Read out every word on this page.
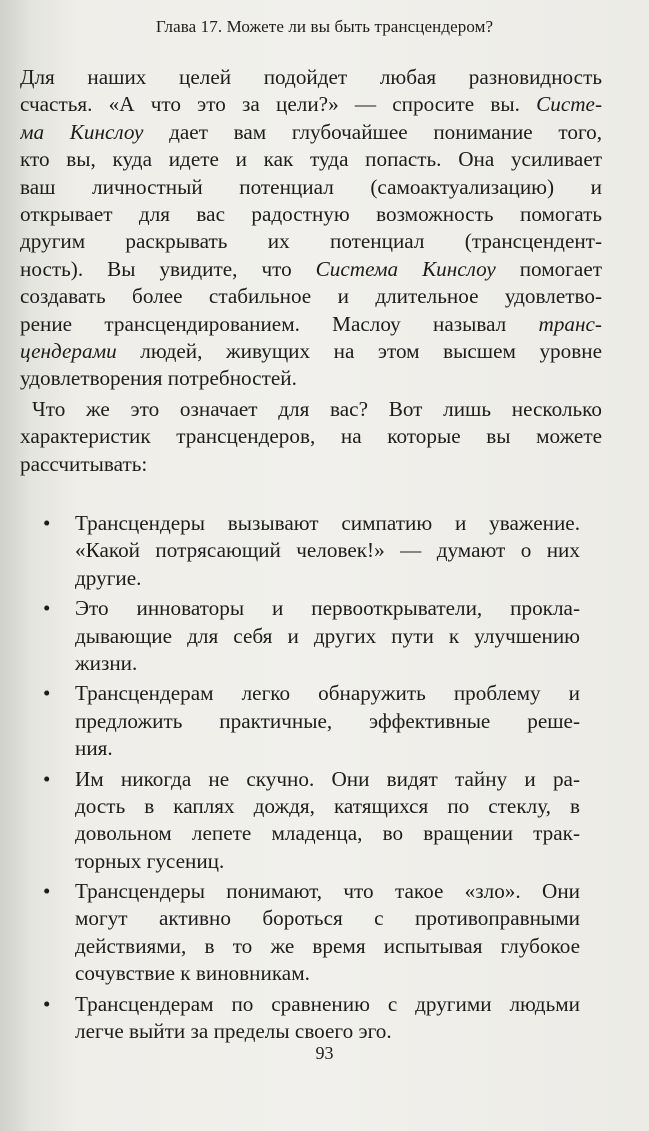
Глава 17. Можете ли вы быть трансцендером?
Для наших целей подойдет любая разновидность
счастья. «А что это за цели?» — спросите вы. Систе-
ма Кинслоу дает вам глубочайшее понимание того,
кто вы, куда идете и как туда попасть. Она усиливает
ваш личностный потенциал (самоактуализацию) и
открывает для вас радостную возможность помогать
другим раскрывать их потенциал (трансцендент-
ность). Вы увидите, что Система Кинслоу помогает
создавать более стабильное и длительное удовлетво-
рение трансцендированием. Маслоу называл транс-
цендерами людей, живущих на этом высшем уровне
удовлетворения потребностей.
Что же это означает для вас? Вот лишь несколько
характеристик трансцендеров, на которые вы можете
рассчитывать:
• Трансцендеры вызывают симпатию и уважение.
«Какой потрясающий человек!» — думают о них
другие.
• Это инноваторы и первооткрыватели, прокла-
дывающие для себя и других пути к улучшению
жизни.
• Трансцендерам легко обнаружить проблему и
предложить практичные, эффективные реше-
ния.
• Им никогда не скучно. Они видят тайну и ра-
дость в каплях дождя, катящихся по стеклу, в
довольном лепете младенца, во вращении трак-
торных гусениц.
• Трансцендеры понимают, что такое «зло». Они
могут активно бороться с противоправными
действиями, в то же время испытывая глубокое
сочувствие к виновникам.
• Трансцендерам по сравнению с другими людьми
легче выйти за пределы своего эго.
93
